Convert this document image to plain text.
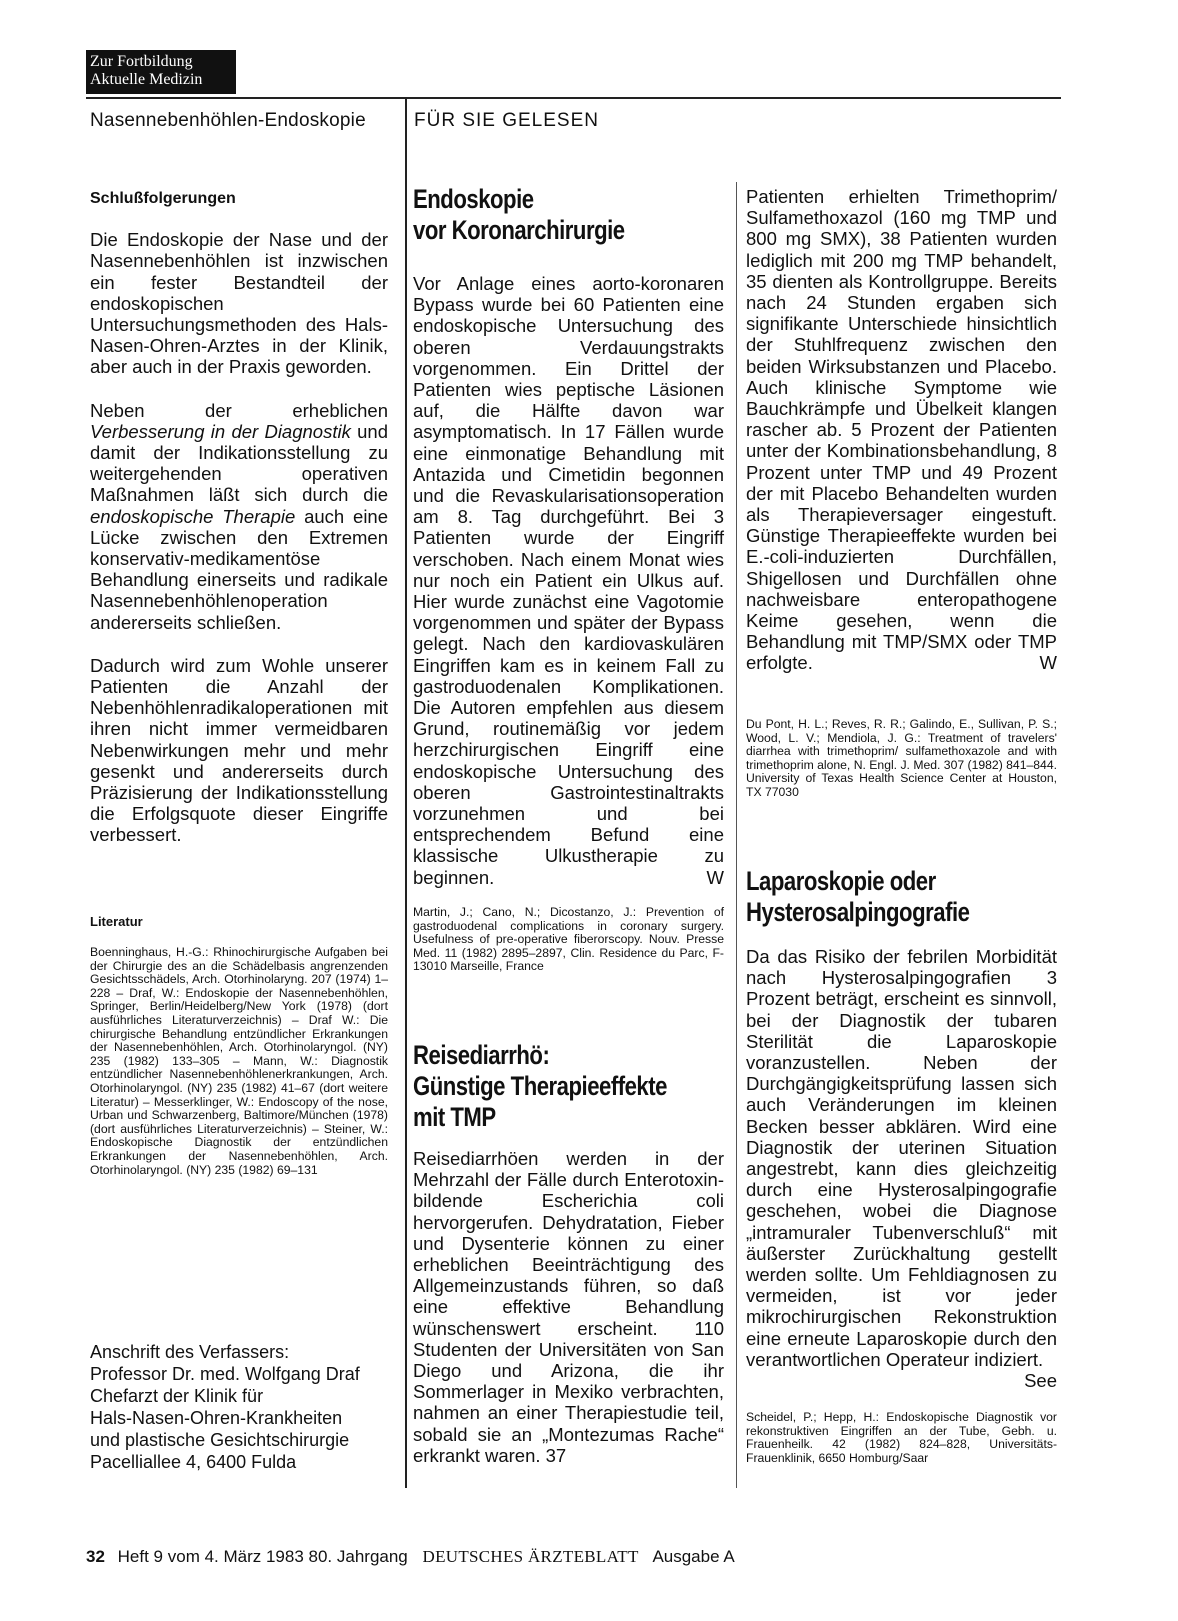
Zur Fortbildung
Aktuelle Medizin
Nasennebenhöhlen-Endoskopie	FÜR SIE GELESEN

Schlußfolgerungen

Die Endoskopie der Nase und der Nasennebenhöhlen ist inzwischen ein fester Bestandteil der endoskopischen Untersuchungsmethoden des Hals-Nasen-Ohren-Arztes in der Klinik, aber auch in der Praxis geworden.

Neben der erheblichen Verbesserung in der Diagnostik und damit der Indikationsstellung zu weitergehenden operativen Maßnahmen läßt sich durch die endoskopische Therapie auch eine Lücke zwischen den Extremen konservativ-medikamentöse Behandlung einerseits und radikale Nasennebenhöhlenoperation andererseits schließen.

Dadurch wird zum Wohle unserer Patienten die Anzahl der Nebenhöhlenradikaloperationen mit ihren nicht immer vermeidbaren Nebenwirkungen mehr und mehr gesenkt und andererseits durch Präzisierung der Indikationsstellung die Erfolgsquote dieser Eingriffe verbessert.

Literatur
Boenninghaus, H.-G.: Rhinochirurgische Aufgaben bei der Chirurgie des an die Schädelbasis angrenzenden Gesichtsschädels, Arch. Otorhinolaryng. 207 (1974) 1–228 – Draf, W.: Endoskopie der Nasennebenhöhlen, Springer, Berlin/Heidelberg/New York (1978) (dort ausführliches Literaturverzeichnis) – Draf W.: Die chirurgische Behandlung entzündlicher Erkrankungen der Nasennebenhöhlen, Arch. Otorhinolaryngol. (NY) 235 (1982) 133–305 – Mann, W.: Diagnostik entzündlicher Nasennebenhöhlenerkrankungen, Arch. Otorhinolaryngol. (NY) 235 (1982) 41–67 (dort weitere Literatur) – Messerklinger, W.: Endoscopy of the nose, Urban und Schwarzenberg, Baltimore/München (1978) (dort ausführliches Literaturverzeichnis) – Steiner, W.: Endoskopische Diagnostik der entzündlichen Erkrankungen der Nasennebenhöhlen, Arch. Otorhinolaryngol. (NY) 235 (1982) 69–131
Anschrift des Verfassers:
Professor Dr. med. Wolfgang Draf
Chefarzt der Klinik für
Hals-Nasen-Ohren-Krankheiten
und plastische Gesichtschirurgie
Pacelliallee 4, 6400 Fulda
Endoskopie
vor Koronarchirurgie
Vor Anlage eines aorto-koronaren Bypass wurde bei 60 Patienten eine endoskopische Untersuchung des oberen Verdauungstrakts vorgenommen. Ein Drittel der Patienten wies peptische Läsionen auf, die Hälfte davon war asymptomatisch. In 17 Fällen wurde eine einmonatige Behandlung mit Antazida und Cimetidin begonnen und die Revaskularisationsoperation am 8. Tag durchgeführt. Bei 3 Patienten wurde der Eingriff verschoben. Nach einem Monat wies nur noch ein Patient ein Ulkus auf. Hier wurde zunächst eine Vagotomie vorgenommen und später der Bypass gelegt. Nach den kardiovaskulären Eingriffen kam es in keinem Fall zu gastroduodenalen Komplikationen. Die Autoren empfehlen aus diesem Grund, routinemäßig vor jedem herzchirurgischen Eingriff eine endoskopische Untersuchung des oberen Gastrointestinaltrakts vorzunehmen und bei entsprechendem Befund eine klassische Ulkustherapie zu beginnen.	W
Martin, J.; Cano, N.; Dicostanzo, J.: Prevention of gastroduodenal complications in coronary surgery. Usefulness of pre-operative fiberorscopy. Nouv. Presse Med. 11 (1982) 2895–2897, Clin. Residence du Parc, F-13010 Marseille, France
Reisediarrhö:
Günstige Therapieeffekte
mit TMP
Reisediarrhöen werden in der Mehrzahl der Fälle durch Enterotoxin-bildende Escherichia coli hervorgerufen. Dehydratation, Fieber und Dysenterie können zu einer erheblichen Beeinträchtigung des Allgemeinzustands führen, so daß eine effektive Behandlung wünschenswert erscheint. 110 Studenten der Universitäten von San Diego und Arizona, die ihr Sommerlager in Mexiko verbrachten, nahmen an einer Therapiestudie teil, sobald sie an „Montezumas Rache“ erkrankt waren. 37
Patienten erhielten Trimethoprim/ Sulfamethoxazol (160 mg TMP und 800 mg SMX), 38 Patienten wurden lediglich mit 200 mg TMP behandelt, 35 dienten als Kontrollgruppe. Bereits nach 24 Stunden ergaben sich signifikante Unterschiede hinsichtlich der Stuhlfrequenz zwischen den beiden Wirksubstanzen und Placebo. Auch klinische Symptome wie Bauchkrämpfe und Übelkeit klangen rascher ab. 5 Prozent der Patienten unter der Kombinationsbehandlung, 8 Prozent unter TMP und 49 Prozent der mit Placebo Behandelten wurden als Therapieversager eingestuft. Günstige Therapieeffekte wurden bei E.-coli-induzierten Durchfällen, Shigellosen und Durchfällen ohne nachweisbare enteropathogene Keime gesehen, wenn die Behandlung mit TMP/SMX oder TMP erfolgte.	W
Du Pont, H. L.; Reves, R. R.; Galindo, E., Sullivan, P. S.; Wood, L. V.; Mendiola, J. G.: Treatment of travelers' diarrhea with trimethoprim/ sulfamethoxazole and with trimethoprim alone, N. Engl. J. Med. 307 (1982) 841–844. University of Texas Health Science Center at Houston, TX 77030
Laparoskopie oder
Hysterosalpingografie
Da das Risiko der febrilen Morbidität nach Hysterosalpingografien 3 Prozent beträgt, erscheint es sinnvoll, bei der Diagnostik der tubaren Sterilität die Laparoskopie voranzustellen. Neben der Durchgängigkeitsprüfung lassen sich auch Veränderungen im kleinen Becken besser abklären. Wird eine Diagnostik der uterinen Situation angestrebt, kann dies gleichzeitig durch eine Hysterosalpingografie geschehen, wobei die Diagnose „intramuraler Tubenverschluß“ mit äußerster Zurückhaltung gestellt werden sollte. Um Fehldiagnosen zu vermeiden, ist vor jeder mikrochirurgischen Rekonstruktion eine erneute Laparoskopie durch den verantwortlichen Operateur indiziert.
See
Scheidel, P.; Hepp, H.: Endoskopische Diagnostik vor rekonstruktiven Eingriffen an der Tube, Gebh. u. Frauenheilk. 42 (1982) 824–828, Universitäts-Frauenklinik, 6650 Homburg/Saar
32 Heft 9 vom 4. März 1983 80. Jahrgang DEUTSCHES ÄRZTEBLATT Ausgabe A
